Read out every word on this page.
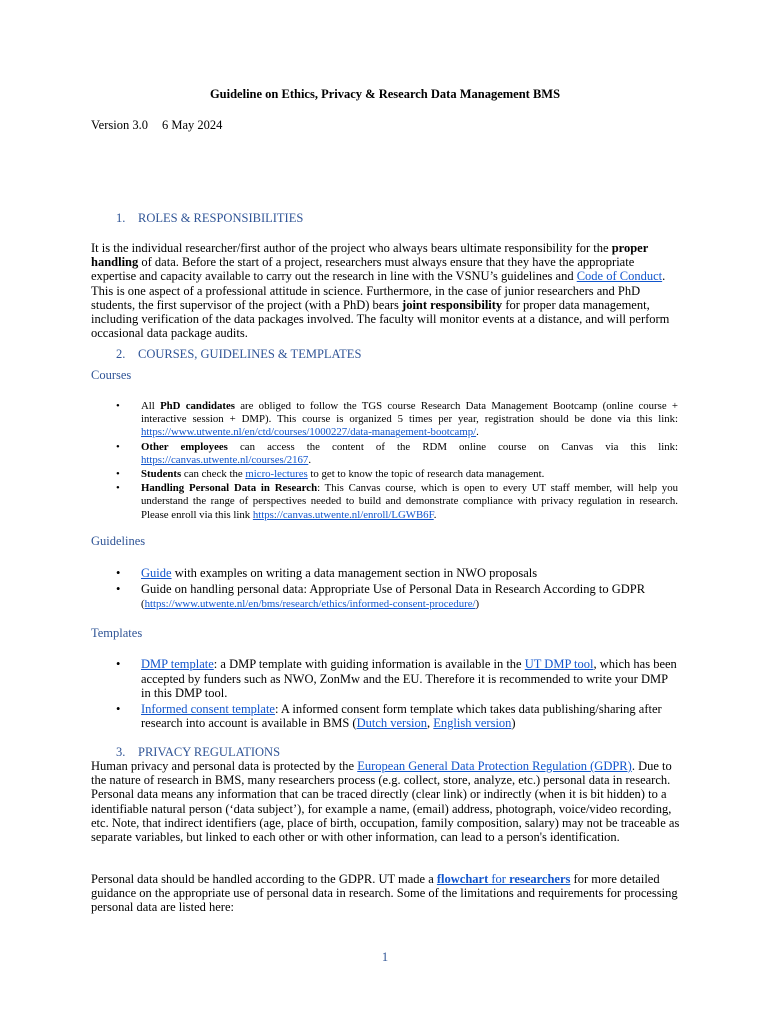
Guideline on Ethics, Privacy & Research Data Management BMS
Version 3.0 6 May 2024
1. ROLES & RESPONSIBILITIES
It is the individual researcher/first author of the project who always bears ultimate responsibility for the proper handling of data. Before the start of a project, researchers must always ensure that they have the appropriate expertise and capacity available to carry out the research in line with the VSNU’s guidelines and Code of Conduct. This is one aspect of a professional attitude in science. Furthermore, in the case of junior researchers and PhD students, the first supervisor of the project (with a PhD) bears joint responsibility for proper data management, including verification of the data packages involved. The faculty will monitor events at a distance, and will perform occasional data package audits.
2. COURSES, GUIDELINES & TEMPLATES
Courses
• All PhD candidates are obliged to follow the TGS course Research Data Management Bootcamp (online course + interactive session + DMP). This course is organized 5 times per year, registration should be done via this link: https://www.utwente.nl/en/ctd/courses/1000227/data-management-bootcamp/.
• Other employees can access the content of the RDM online course on Canvas via this link: https://canvas.utwente.nl/courses/2167.
• Students can check the micro-lectures to get to know the topic of research data management.
• Handling Personal Data in Research: This Canvas course, which is open to every UT staff member, will help you understand the range of perspectives needed to build and demonstrate compliance with privacy regulation in research. Please enroll via this link https://canvas.utwente.nl/enroll/LGWB6F.
Guidelines
• Guide with examples on writing a data management section in NWO proposals
• Guide on handling personal data: Appropriate Use of Personal Data in Research According to GDPR
(https://www.utwente.nl/en/bms/research/ethics/informed-consent-procedure/)
Templates
• DMP template: a DMP template with guiding information is available in the UT DMP tool, which has been accepted by funders such as NWO, ZonMw and the EU. Therefore it is recommended to write your DMP in this DMP tool.
• Informed consent template: A informed consent form template which takes data publishing/sharing after research into account is available in BMS (Dutch version, English version)
3. PRIVACY REGULATIONS
Human privacy and personal data is protected by the European General Data Protection Regulation (GDPR). Due to the nature of research in BMS, many researchers process (e.g. collect, store, analyze, etc.) personal data in research. Personal data means any information that can be traced directly (clear link) or indirectly (when it is bit hidden) to a identifiable natural person (‘data subject’), for example a name, (email) address, photograph, voice/video recording, etc. Note, that indirect identifiers (age, place of birth, occupation, family composition, salary) may not be traceable as separate variables, but linked to each other or with other information, can lead to a person's identification.
Personal data should be handled according to the GDPR. UT made a flowchart for researchers for more detailed guidance on the appropriate use of personal data in research. Some of the limitations and requirements for processing personal data are listed here:
1
